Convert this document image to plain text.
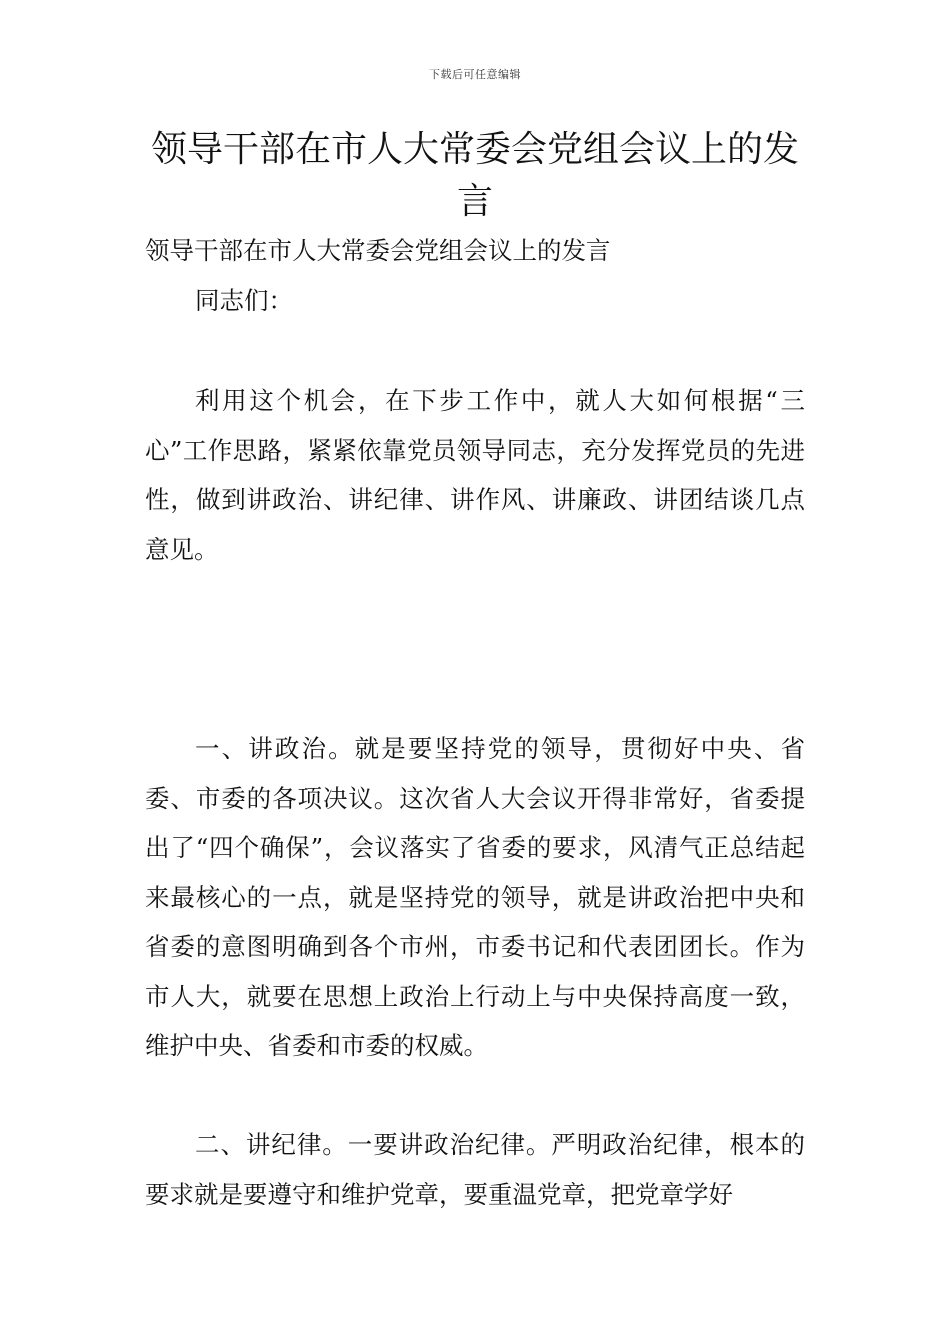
下载后可任意编辑
领导干部在市人大常委会党组会议上的发言

领导干部在市人大常委会党组会议上的发言

同志们：

利用这个机会，在下步工作中，就人大如何根据“三心”工作思路，紧紧依靠党员领导同志，充分发挥党员的先进性，做到讲政治、讲纪律、讲作风、讲廉政、讲团结谈几点意见。

一、讲政治。就是要坚持党的领导，贯彻好中央、省委、市委的各项决议。这次省人大会议开得非常好，省委提出了“四个确保”，会议落实了省委的要求，风清气正总结起来最核心的一点，就是坚持党的领导，就是讲政治把中央和省委的意图明确到各个市州，市委书记和代表团团长。作为市人大，就要在思想上政治上行动上与中央保持高度一致，维护中央、省委和市委的权威。

二、讲纪律。一要讲政治纪律。严明政治纪律，根本的要求就是要遵守和维护党章，要重温党章，把党章学好
